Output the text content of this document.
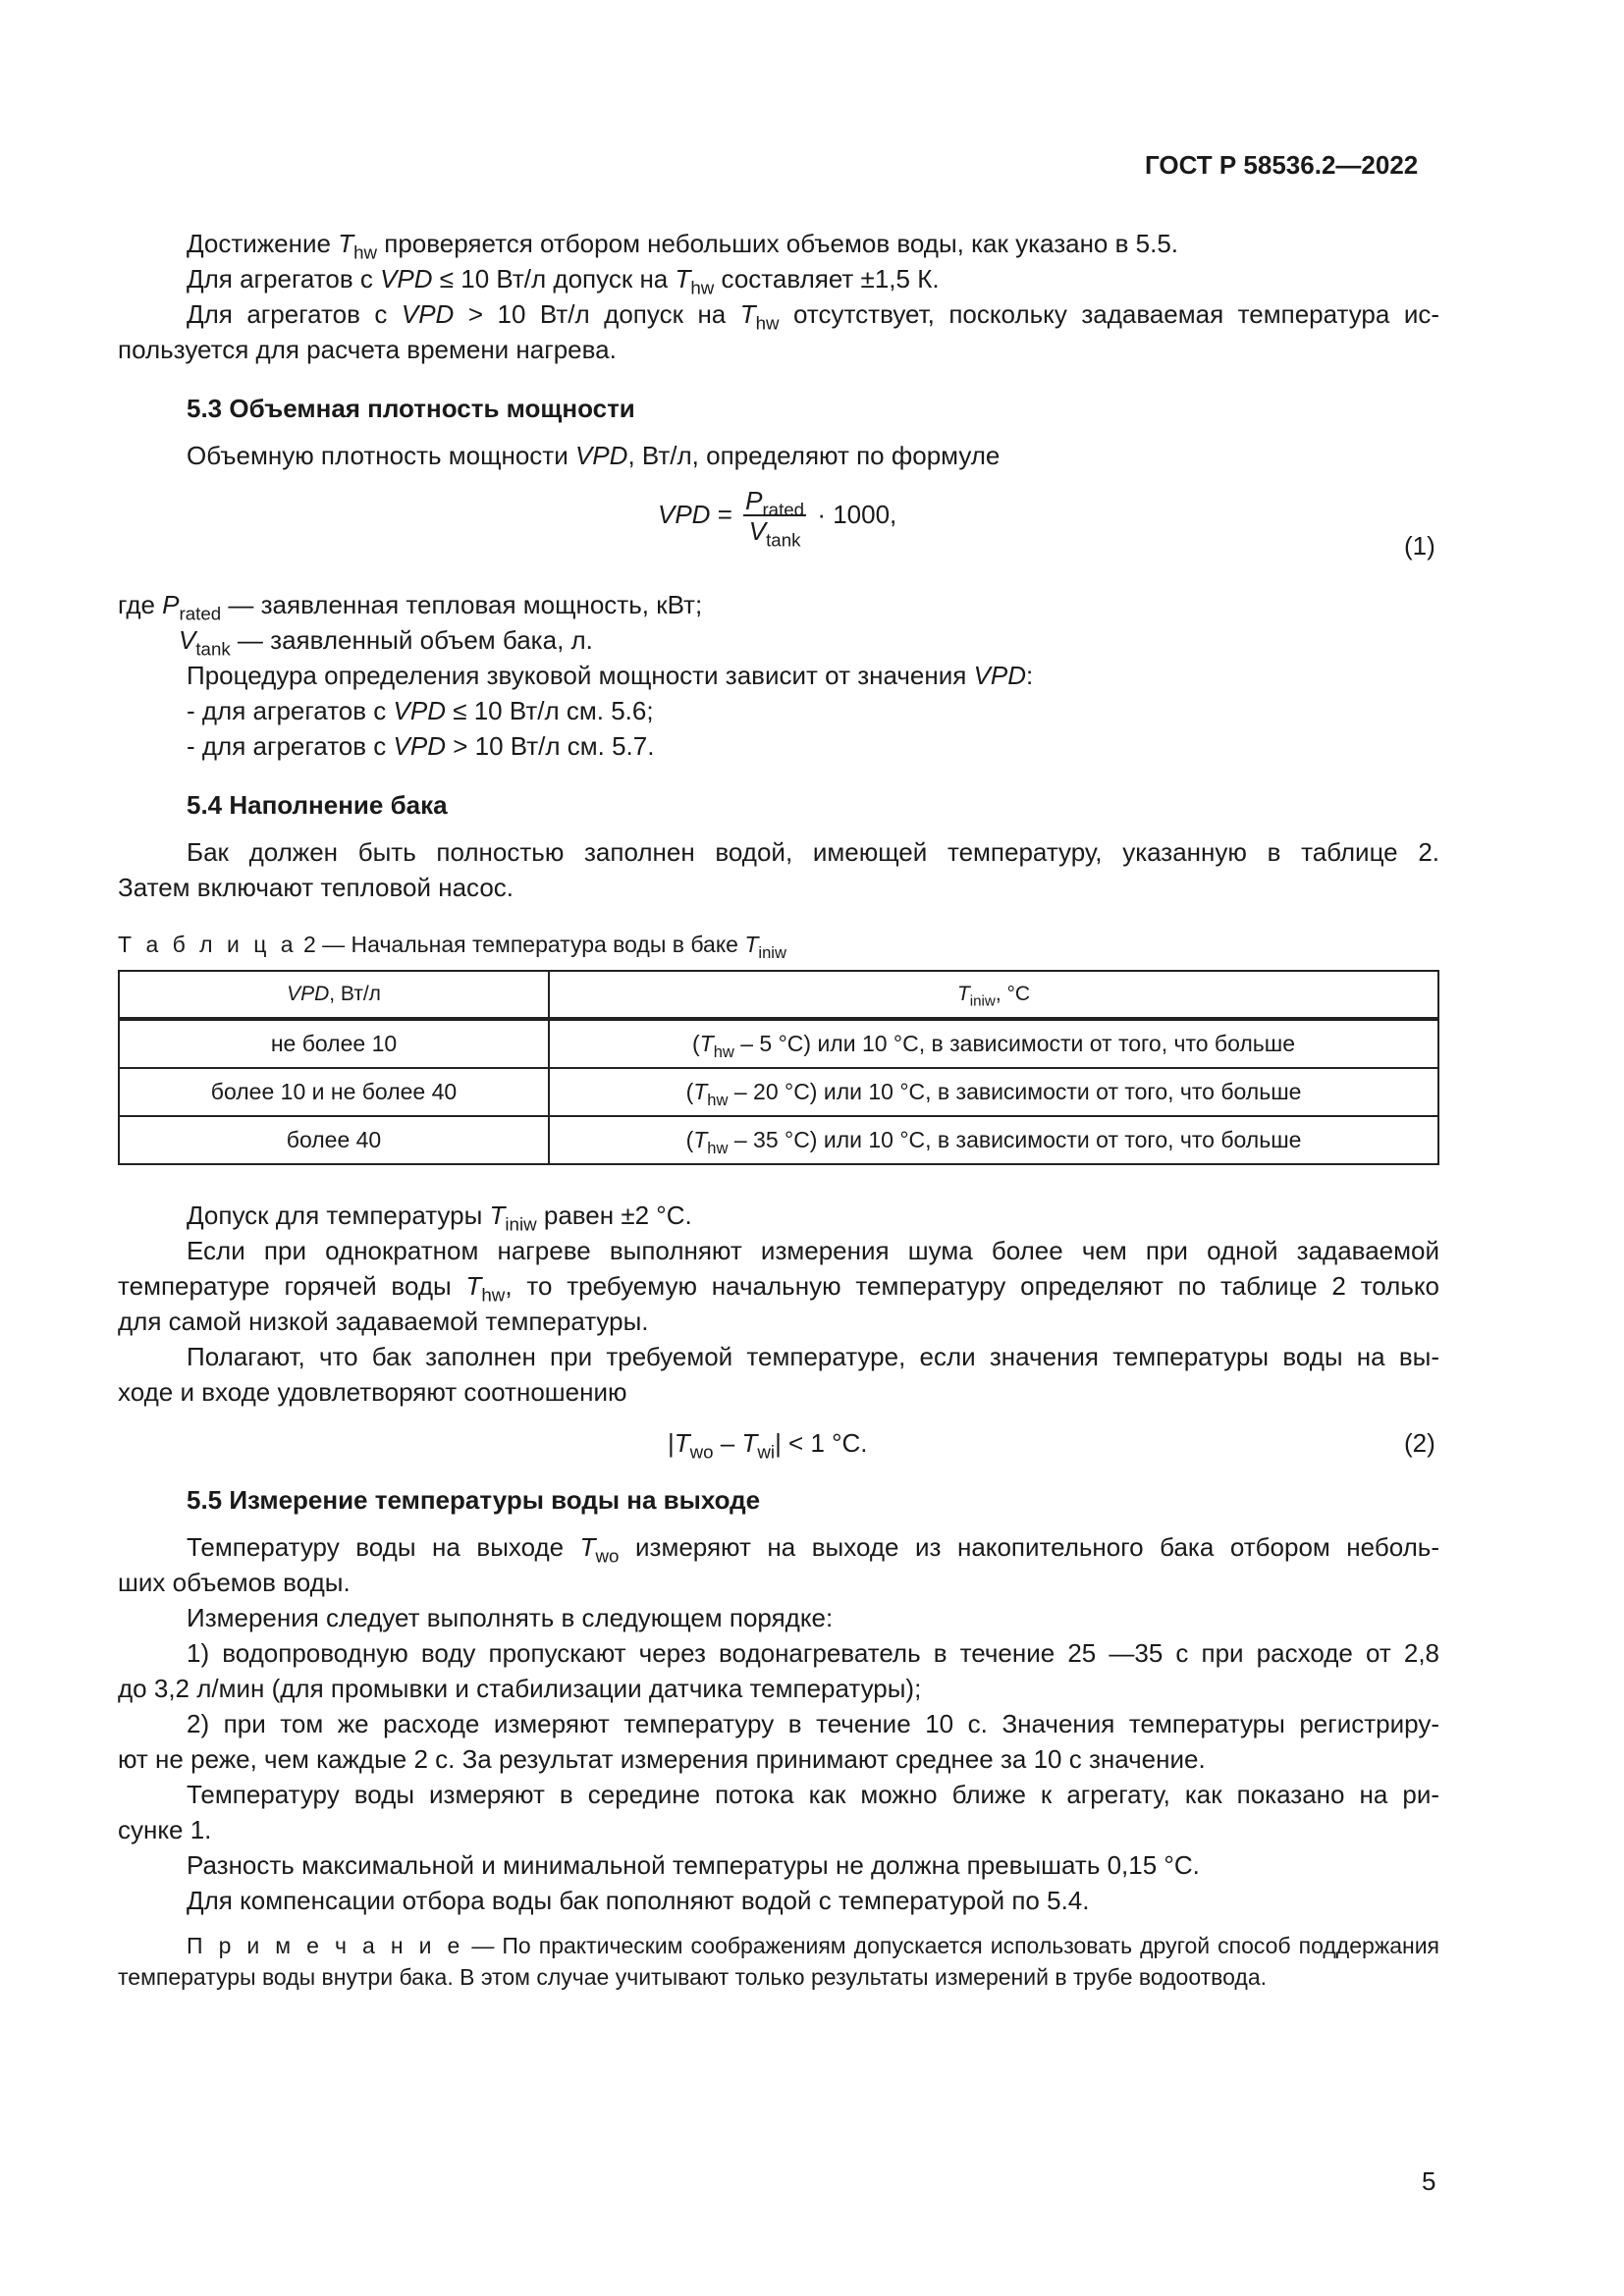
ГОСТ Р 58536.2—2022
Достижение $T_{hw}$ проверяется отбором небольших объемов воды, как указано в 5.5.
Для агрегатов с VPD ≤ 10 Вт/л допуск на $T_{hw}$ составляет ±1,5 К.
Для агрегатов с VPD > 10 Вт/л допуск на $T_{hw}$ отсутствует, поскольку задаваемая температура ис-
пользуется для расчета времени нагрева.
5.3 Объемная плотность мощности
Объемную плотность мощности VPD, Вт/л, определяют по формуле
VPD = $\frac{P_{rated}}{V_{tank}} \cdot 1000$,
(1)
где $P_{rated}$ — заявленная тепловая мощность, кВт;
$V_{tank}$ — заявленный объем бака, л.
Процедура определения звуковой мощности зависит от значения VPD:
- для агрегатов с VPD ≤ 10 Вт/л см. 5.6;
- для агрегатов с VPD > 10 Вт/л см. 5.7.
5.4 Наполнение бака
Бак должен быть полностью заполнен водой, имеющей температуру, указанную в таблице 2.
Затем включают тепловой насос.
Т а б л и ц а 2 — Начальная температура воды в баке $T_{iniw}$
VPD, Вт/л	$T_{iniw}$, °C
не более 10	($T_{hw} - 5$ °C) или 10 °C, в зависимости от того, что больше
более 10 и не более 40	($T_{hw} - 20$ °C) или 10 °C, в зависимости от того, что больше
более 40	($T_{hw} - 35$ °C) или 10 °C, в зависимости от того, что больше
Допуск для температуры $T_{iniw}$ равен ±2 °C.
Если при однократном нагреве выполняют измерения шума более чем при одной задаваемой
температуре горячей воды $T_{hw}$, то требуемую начальную температуру определяют по таблице 2 только
для самой низкой задаваемой температуры.
Полагают, что бак заполнен при требуемой температуре, если значения температуры воды на вы-
ходе и входе удовлетворяют соотношению
$|T_{wo} - T_{wi}| < 1$ °C.	(2)
5.5 Измерение температуры воды на выходе
Температуру воды на выходе $T_{wo}$ измеряют на выходе из накопительного бака отбором неболь-
ших объемов воды.
Измерения следует выполнять в следующем порядке:
1) водопроводную воду пропускают через водонагреватель в течение 25 —35 с при расходе от 2,8
до 3,2 л/мин (для промывки и стабилизации датчика температуры);
2) при том же расходе измеряют температуру в течение 10 с. Значения температуры регистриру-
ют не реже, чем каждые 2 с. За результат измерения принимают среднее за 10 с значение.
Температуру воды измеряют в середине потока как можно ближе к агрегату, как показано на ри-
сунке 1.
Разность максимальной и минимальной температуры не должна превышать 0,15 °C.
Для компенсации отбора воды бак пополняют водой с температурой по 5.4.
П р и м е ч а н и е — По практическим соображениям допускается использовать другой способ поддержания
температуры воды внутри бака. В этом случае учитывают только результаты измерений в трубе водоотвода.
5
